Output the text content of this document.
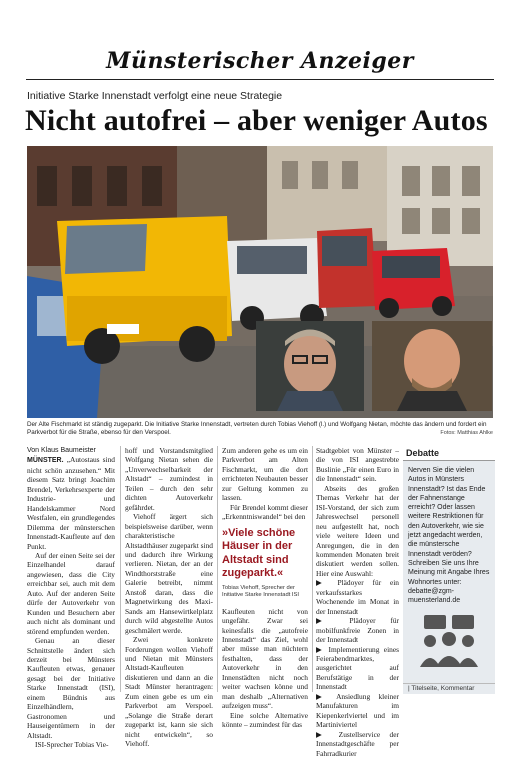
Münsterischer Anzeiger
Initiative Starke Innenstadt verfolgt eine neue Strategie
Nicht autofrei – aber weniger Autos
Der Alte Fischmarkt ist ständig zugeparkt. Die Initiative Starke Innenstadt, vertreten durch Tobias Viehoff (l.) und Wolfgang Nietan, möchte das ändern und fordert ein Parkverbot für die Straße, ebenso für den Verspoel.	Fotos: Matthias Ahlke

Von Klaus Baumeister

MÜNSTER. „Autostaus sind nicht schön anzusehen.“ Mit diesem Satz bringt Joachim Brendel, Verkehrsexperte der Industrie- und Handelskammer Nord Westfalen, ein grundlegendes Dilemma der münsterschen Innenstadt-Kaufleute auf den Punkt.

Auf der einen Seite sei der Einzelhandel darauf angewiesen, dass die City erreichbar sei, auch mit dem Auto. Auf der anderen Seite dürfe der Autoverkehr von Kunden und Besuchern aber auch nicht als dominant und störend empfunden werden.

Genau an dieser Schnittstelle ändert sich derzeit bei Münsters Kaufleuten etwas, genauer gesagt bei der Initiative Starke Innenstadt (ISI), einem Bündnis aus Einzelhändlern, Gastronomen und Hauseigentümern in der Altstadt.

ISI-Sprecher Tobias Vie-

hoff und Vorstandsmitglied Wolfgang Nietan sehen die „Unverwechselbarkeit der Altstadt“ – zumindest in Teilen – durch den sehr dichten Autoverkehr gefährdet.

Viehoff ärgert sich beispielsweise darüber, wenn charakteristische Altstadthäuser zugeparkt sind und dadurch ihre Wirkung verlieren. Nietan, der an der Windthorststraße eine Galerie betreibt, nimmt Anstoß daran, dass die Magnetwirkung des Maxi-Sands am Hansewirtkelplatz durch wild abgestellte Autos geschmälert werde.

Zwei konkrete Forderungen wollen Viehoff und Nietan mit Münsters Altstadt-Kaufleuten diskutieren und dann an die Stadt Münster herantragen: Zum einen gebe es um ein Parkverbot am Verspoel. „Solange die Straße derart zugeparkt ist, kann sie sich nicht entwickeln“, so Viehoff.

Zum anderen gehe es um ein Parkverbot am Alten Fischmarkt, um die dort errichteten Neubauten besser zur Geltung kommen zu lassen.

Für Brendel kommt dieser „Erkenntniswandel“ bei den

»Viele schöne Häuser in der Altstadt sind zugeparkt.«
Tobias Viehoff, Sprecher der Initiative Starke Innenstadt ISI

Kaufleuten nicht von ungefähr. Zwar sei keinesfalls die „autofreie Innenstadt“ das Ziel, wohl aber müsse man nüchtern festhalten, dass der Autoverkehr in den Innenstädten nicht noch weiter wachsen könne und man deshalb „Alternativen aufzeigen muss“.

Eine solche Alternative könnte – zumindest für das

Stadtgebiet von Münster – die von ISI angestrebte Buslinie „Für einen Euro in die Innenstadt“ sein.

Abseits des großen Themas Verkehr hat der ISI-Vorstand, der sich zum Jahreswechsel personell neu aufgestellt hat, noch viele weitere Ideen und Anregungen, die in den kommenden Monaten breit diskutiert werden sollen. Hier eine Auswahl:

▶ Plädoyer für ein verkaufsstarkes Wochenende im Monat in der Innenstadt

▶ Plädoyer für mobilfunkfreie Zonen in der Innenstadt

▶ Implementierung eines Feierabendmarktes, ausgerichtet auf Berufstätige in der Innenstadt

▶ Ansiedlung kleiner Manufakturen im Kiepenkerlviertel und im Martiniviertel

▶ Zustellservice der Innenstadtgeschäfte per Fahrradkurier

Debatte
Nerven Sie die vielen Autos in Münsters Innenstadt? Ist das Ende der Fahnenstange erreicht? Oder lassen weitere Restriktionen für den Autoverkehr, wie sie jetzt angedacht werden, die münstersche Innenstadt veröden? Schreiben Sie uns Ihre Meinung mit Angabe Ihres Wohnortes unter: debatte@zgm-muensterland.de
| Titelseite, Kommentar
